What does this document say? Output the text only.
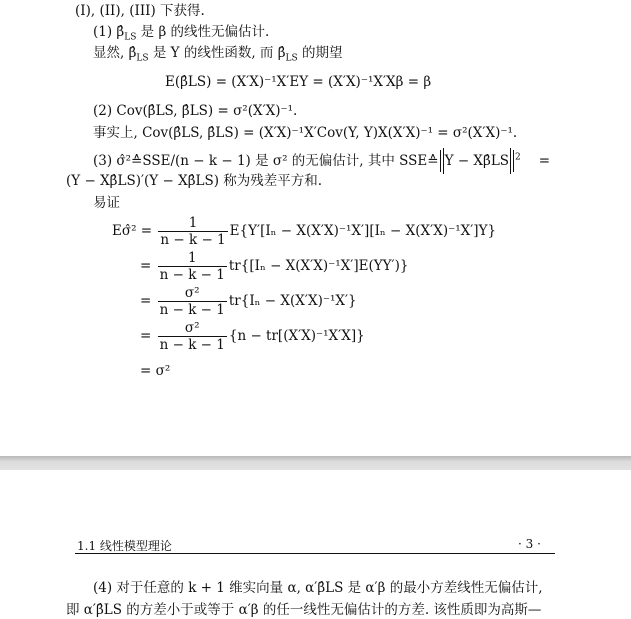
(I), (II), (III) 下获得.
(1) $\betâ_{LS}$ 是 β 的线性无偏估计.
显然, $\betâ_{LS}$ 是 Y 的线性函数, 而 $\betâ_{LS}$ 的期望
E(β̂LS) = (X′X)⁻¹X′EY = (X′X)⁻¹X′Xβ = β
(2) Cov(β̂LS, β̂LS) = σ²(X′X)⁻¹.
事实上, Cov(β̂LS, β̂LS) = (X′X)⁻¹X′Cov(Y, Y)X(X′X)⁻¹ = σ²(X′X)⁻¹.
(3) σ̂²≙SSE/(n − k − 1) 是 σ² 的无偏估计, 其中 SSE≙ Y − Xβ̂LS $^2$ =
(Y − Xβ̂LS)′(Y − Xβ̂LS) 称为残差平方和.
易证
Eσ̂² = $\frac{1}{n - k - 1} E\{Y'[I_n - X(X'X)^{-1}X'][I_n - X(X'X)^{-1}X']Y\}$
= $\frac{1}{n - k - 1} tr\{[I_n - X(X'X)^{-1}X']E(YY')\}$
= $\frac{\text{σ²}}{n - k - 1} tr\{I_n - X(X'X)^{-1}X'\}$
= $\frac{\text{σ²}}{n - k - 1} \{n - tr[(X'X)^{-1}X'X]\}$
= σ²
1.1 线性模型理论	· 3 ·
(4) 对于任意的 k + 1 维实向量 α, α′β̂LS 是 α′β 的最小方差线性无偏估计,
即 α′β̂LS 的方差小于或等于 α′β 的任一线性无偏估计的方差. 该性质即为高斯—
